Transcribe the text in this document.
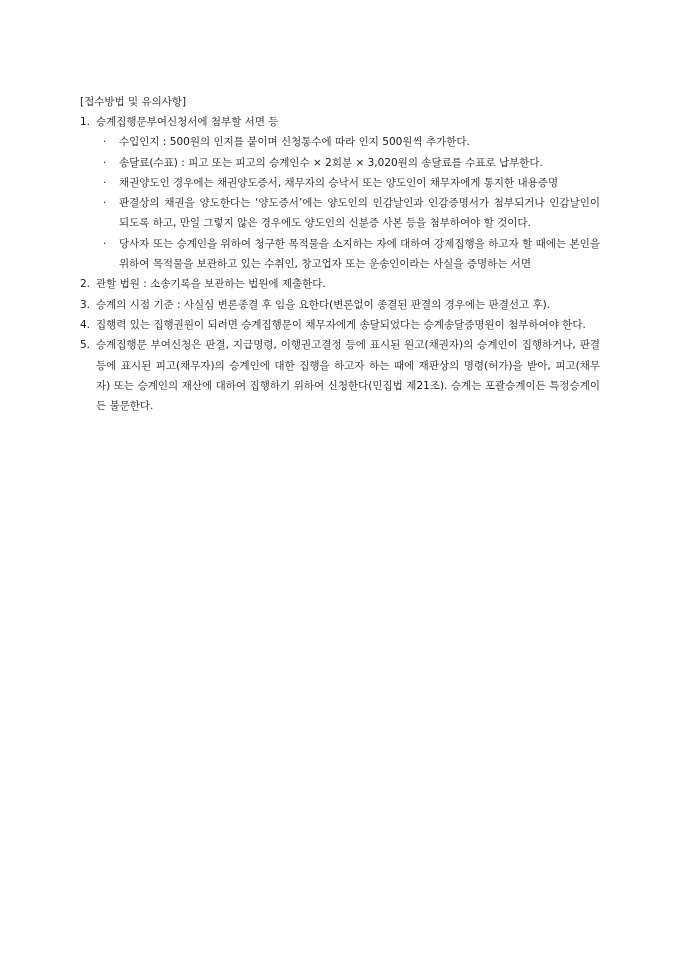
[접수방법 및 유의사항]
1. 승계집행문부여신청서에 첨부할 서면 등
·	수입인지 : 500원의 인지를 붙이며 신청통수에 따라 인지 500원씩 추가한다.
·	송달료(수표) : 피고 또는 피고의 승계인수 × 2회분 × 3,020원의 송달료를 수표로 납부한다.
·	채권양도인 경우에는 채권양도증서, 채무자의 승낙서 또는 양도인이 채무자에게 통지한 내용증명
·	판결상의 채권을 양도한다는 ‘양도증서’에는 양도인의 인감날인과 인감증명서가 첨부되거나 인감날인이 되도록 하고, 만일 그렇지 않은 경우에도 양도인의 신분증 사본 등을 첨부하여야 할 것이다.
·	당사자 또는 승계인을 위하여 청구한 목적물을 소지하는 자에 대하여 강제집행을 하고자 할 때에는 본인을 위하여 목적물을 보관하고 있는 수취인, 창고업자 또는 운송인이라는 사실을 증명하는 서면
2. 관할 법원 : 소송기록을 보관하는 법원에 제출한다.
3. 승계의 시점 기준 : 사실심 변론종결 후 임을 요한다(변론없이 종결된 판결의 경우에는 판결선고 후).
4. 집행력 있는 집행권원이 되려면 승계집행문이 채무자에게 송달되었다는 승계송달증명원이 첨부하여야 한다.
5. 승계집행문 부여신청은 판결, 지급명령, 이행권고결정 등에 표시된 원고(채권자)의 승계인이 집행하거나, 판결 등에 표시된 피고(채무자)의 승계인에 대한 집행을 하고자 하는 때에 재판상의 명령(허가)을 받아, 피고(채무자) 또는 승계인의 재산에 대하여 집행하기 위하여 신청한다(민집법 제21조). 승계는 포괄승계이든 특정승계이든 불문한다.
